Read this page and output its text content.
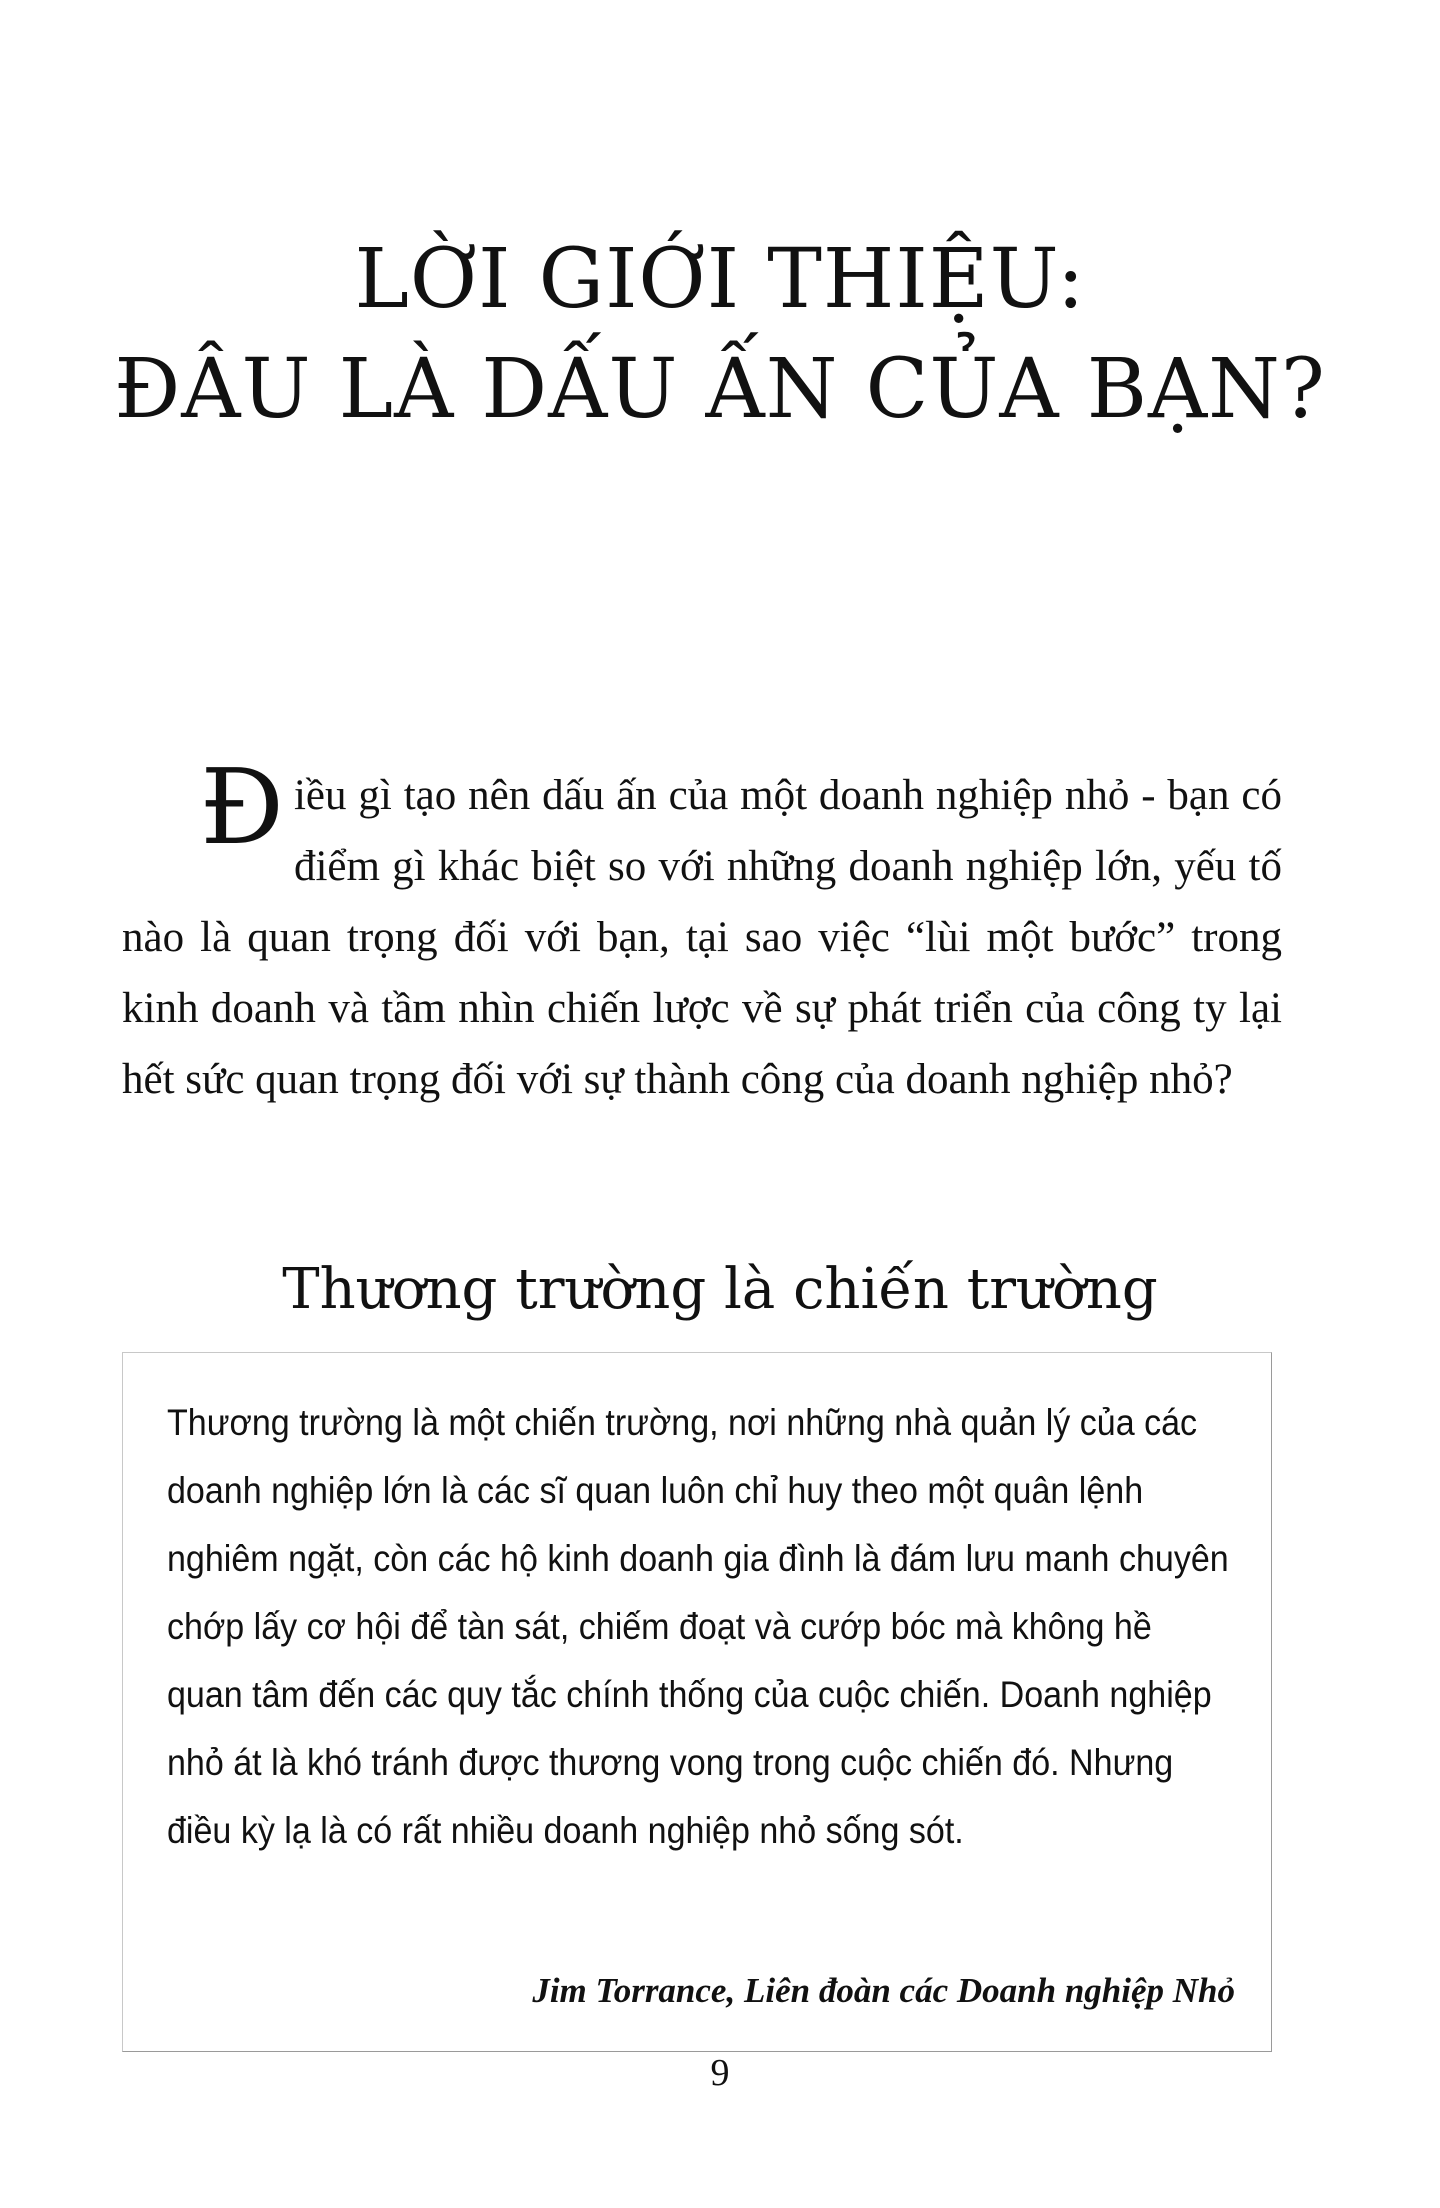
LỜI GIỚI THIỆU:
ĐÂU LÀ DẤU ẤN CỦA BẠN?

Điều gì tạo nên dấu ấn của một doanh nghiệp nhỏ - bạn có điểm gì khác biệt so với những doanh nghiệp lớn, yếu tố nào là quan trọng đối với bạn, tại sao việc “lùi một bước” trong kinh doanh và tầm nhìn chiến lược về sự phát triển của công ty lại hết sức quan trọng đối với sự thành công của doanh nghiệp nhỏ?

Thương trường là chiến trường

Thương trường là một chiến trường, nơi những nhà quản lý của các doanh nghiệp lớn là các sĩ quan luôn chỉ huy theo một quân lệnh nghiêm ngặt, còn các hộ kinh doanh gia đình là đám lưu manh chuyên chớp lấy cơ hội để tàn sát, chiếm đoạt và cướp bóc mà không hề quan tâm đến các quy tắc chính thống của cuộc chiến. Doanh nghiệp nhỏ át là khó tránh được thương vong trong cuộc chiến đó. Nhưng điều kỳ lạ là có rất nhiều doanh nghiệp nhỏ sống sót.

Jim Torrance, Liên đoàn các Doanh nghiệp Nhỏ

9
